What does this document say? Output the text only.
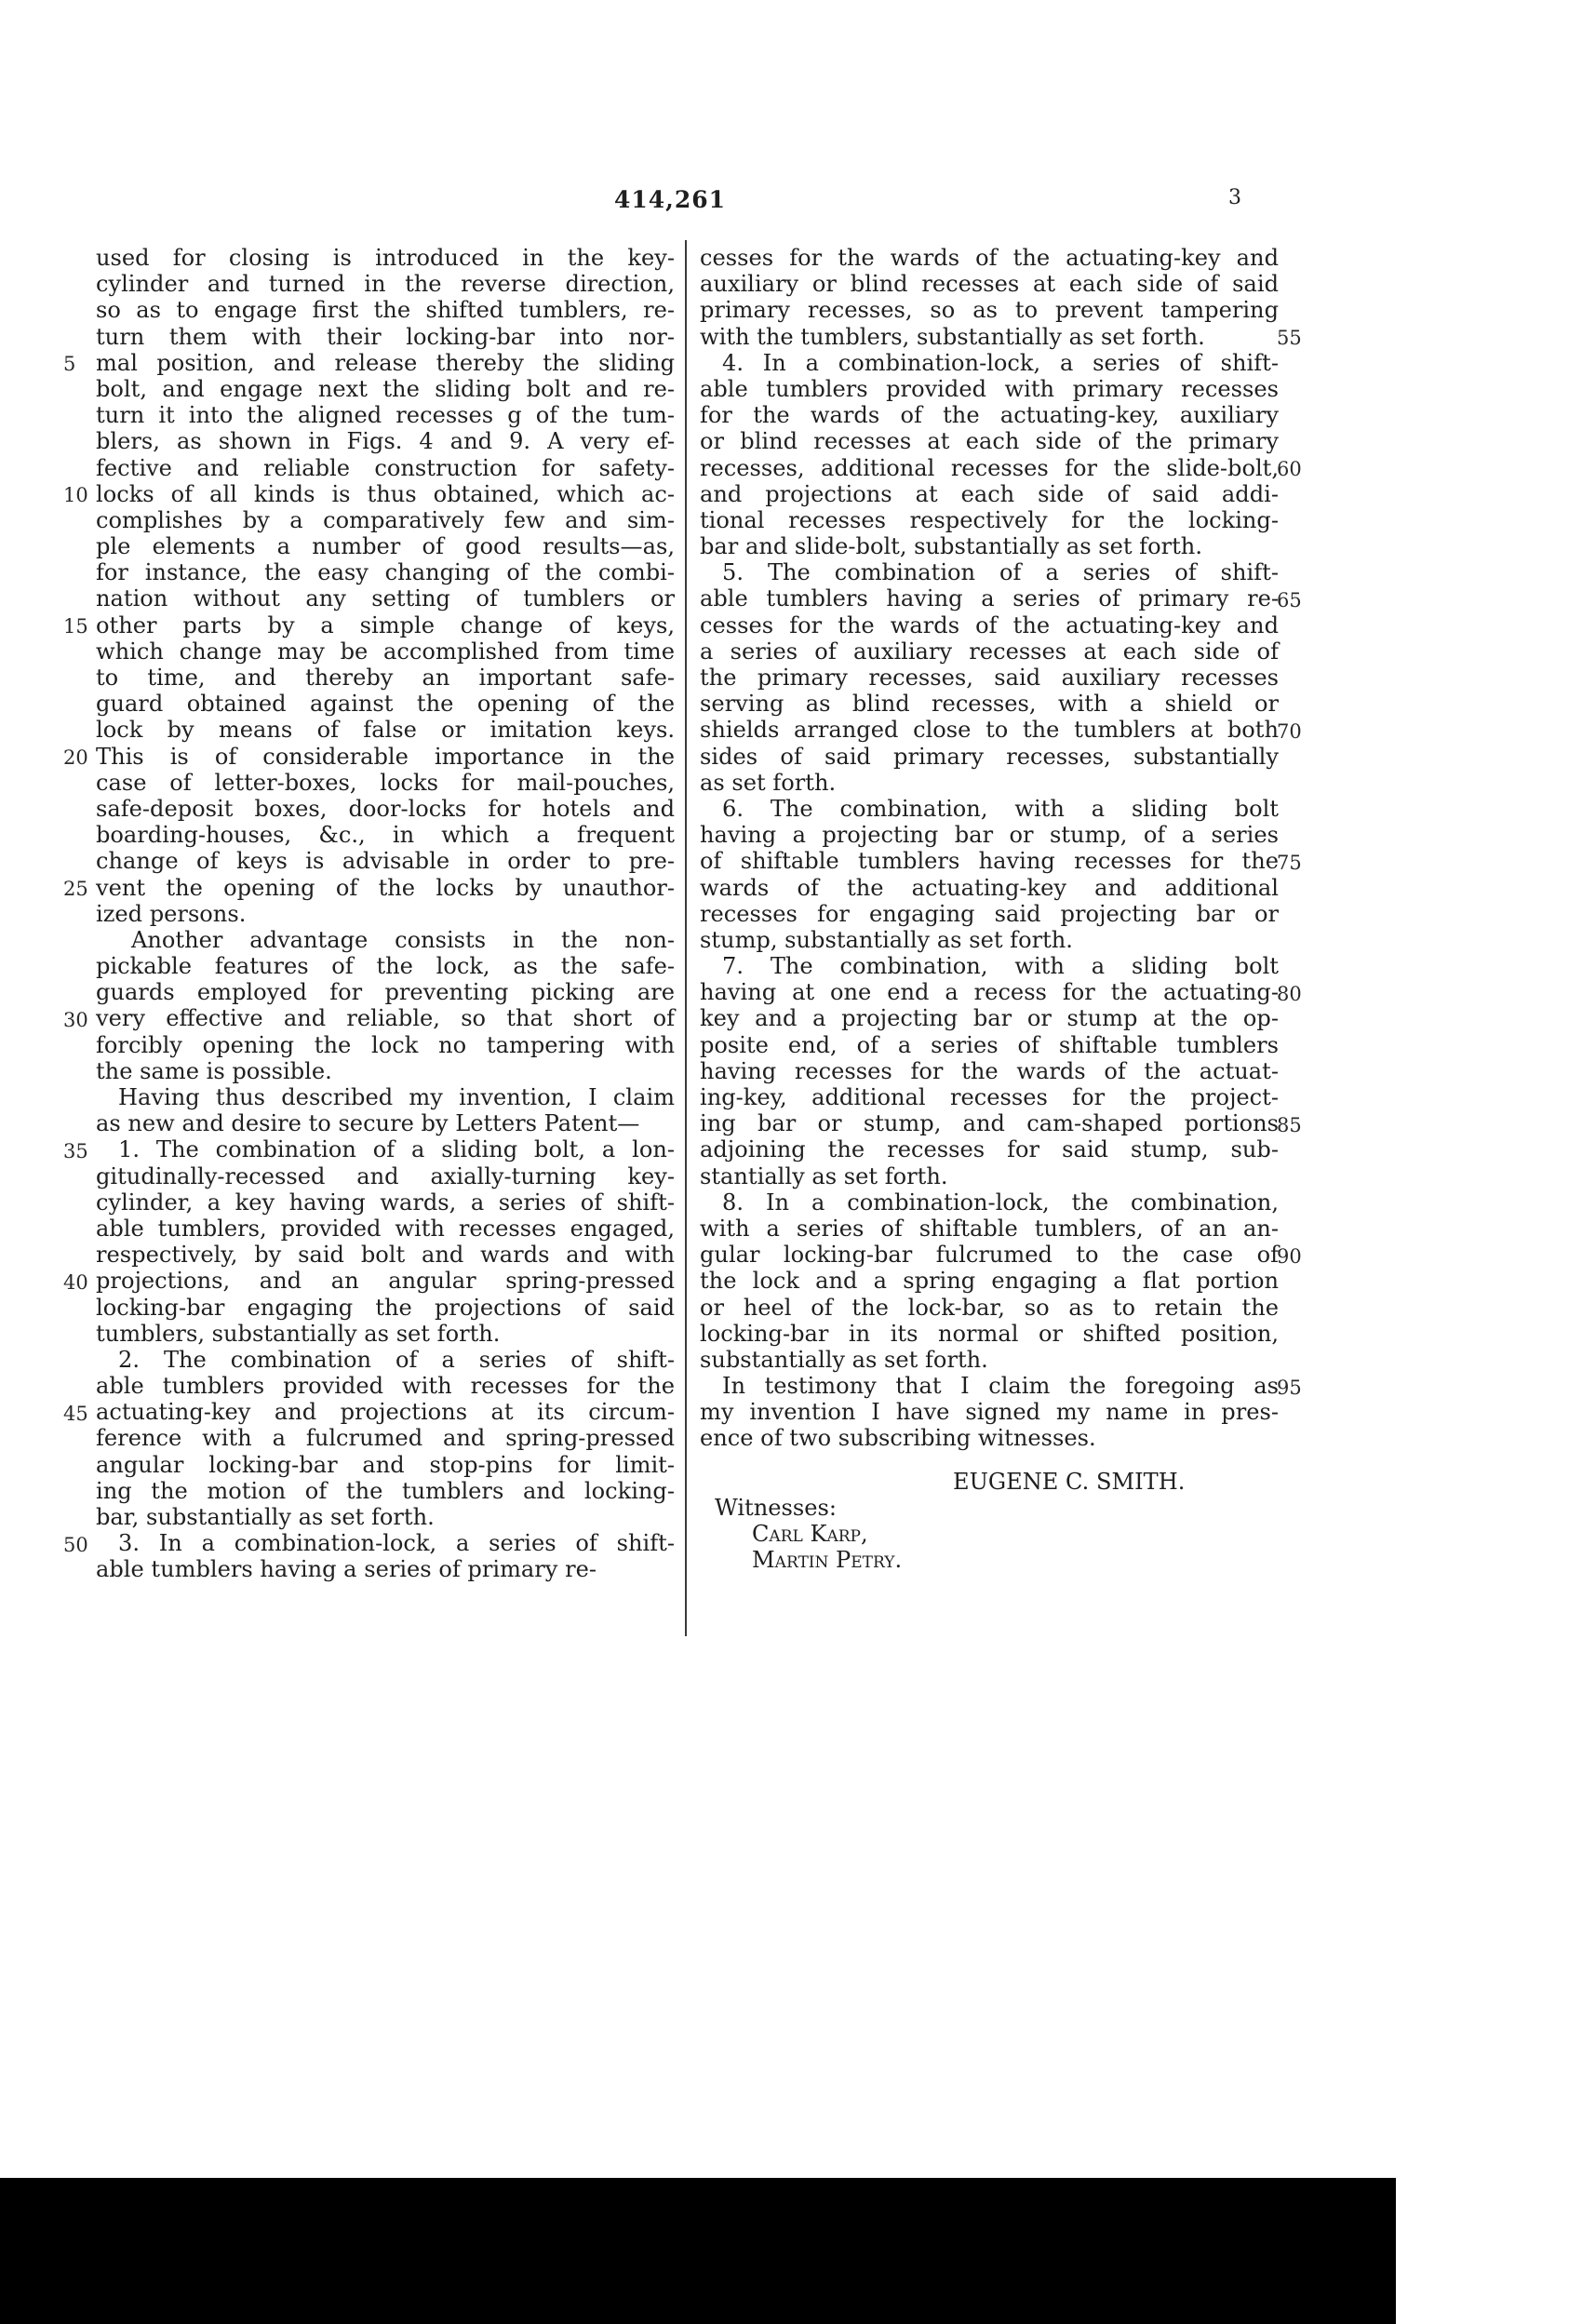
414,261	3
used for closing is introduced in the key-
cylinder and turned in the reverse direction,
so as to engage first the shifted tumblers, re-
turn them with their locking-bar into nor-
mal position, and release thereby the sliding
bolt, and engage next the sliding bolt and re-
turn it into the aligned recesses g of the tum-
blers, as shown in Figs. 4 and 9. A very ef-
fective and reliable construction for safety-
locks of all kinds is thus obtained, which ac-
complishes by a comparatively few and sim-
ple elements a number of good results—as,
for instance, the easy changing of the combi-
nation without any setting of tumblers or
other parts by a simple change of keys,
which change may be accomplished from time
to time, and thereby an important safe-
guard obtained against the opening of the
lock by means of false or imitation keys.
This is of considerable importance in the
case of letter-boxes, locks for mail-pouches,
safe-deposit boxes, door-locks for hotels and
boarding-houses, &c., in which a frequent
change of keys is advisable in order to pre-
vent the opening of the locks by unauthor-
ized persons.
Another advantage consists in the non-
pickable features of the lock, as the safe-
guards employed for preventing picking are
very effective and reliable, so that short of
forcibly opening the lock no tampering with
the same is possible.
Having thus described my invention, I claim
as new and desire to secure by Letters Patent—
1. The combination of a sliding bolt, a lon-
gitudinally-recessed and axially-turning key-
cylinder, a key having wards, a series of shift-
able tumblers, provided with recesses engaged,
respectively, by said bolt and wards and with
projections, and an angular spring-pressed
locking-bar engaging the projections of said
tumblers, substantially as set forth.
2. The combination of a series of shift-
able tumblers provided with recesses for the
actuating-key and projections at its circum-
ference with a fulcrumed and spring-pressed
angular locking-bar and stop-pins for limit-
ing the motion of the tumblers and locking-
bar, substantially as set forth.
3. In a combination-lock, a series of shift-
able tumblers having a series of primary re-
cesses for the wards of the actuating-key and
auxiliary or blind recesses at each side of said
primary recesses, so as to prevent tampering
with the tumblers, substantially as set forth.
4. In a combination-lock, a series of shift-
able tumblers provided with primary recesses
for the wards of the actuating-key, auxiliary
or blind recesses at each side of the primary
recesses, additional recesses for the slide-bolt,
and projections at each side of said addi-
tional recesses respectively for the locking-
bar and slide-bolt, substantially as set forth.
5. The combination of a series of shift-
able tumblers having a series of primary re-
cesses for the wards of the actuating-key and
a series of auxiliary recesses at each side of
the primary recesses, said auxiliary recesses
serving as blind recesses, with a shield or
shields arranged close to the tumblers at both
sides of said primary recesses, substantially
as set forth.
6. The combination, with a sliding bolt
having a projecting bar or stump, of a series
of shiftable tumblers having recesses for the
wards of the actuating-key and additional
recesses for engaging said projecting bar or
stump, substantially as set forth.
7. The combination, with a sliding bolt
having at one end a recess for the actuating-
key and a projecting bar or stump at the op-
posite end, of a series of shiftable tumblers
having recesses for the wards of the actuat-
ing-key, additional recesses for the project-
ing bar or stump, and cam-shaped portions
adjoining the recesses for said stump, sub-
stantially as set forth.
8. In a combination-lock, the combination,
with a series of shiftable tumblers, of an an-
gular locking-bar fulcrumed to the case of
the lock and a spring engaging a flat portion
or heel of the lock-bar, so as to retain the
locking-bar in its normal or shifted position,
substantially as set forth.
In testimony that I claim the foregoing as
my invention I have signed my name in pres-
ence of two subscribing witnesses.
EUGENE C. SMITH.
Witnesses:
Carl Karp,
Martin Petry.
5
10
15
20
25
30
35
40
45
50
55
60
65
70
75
80
85
90
95
